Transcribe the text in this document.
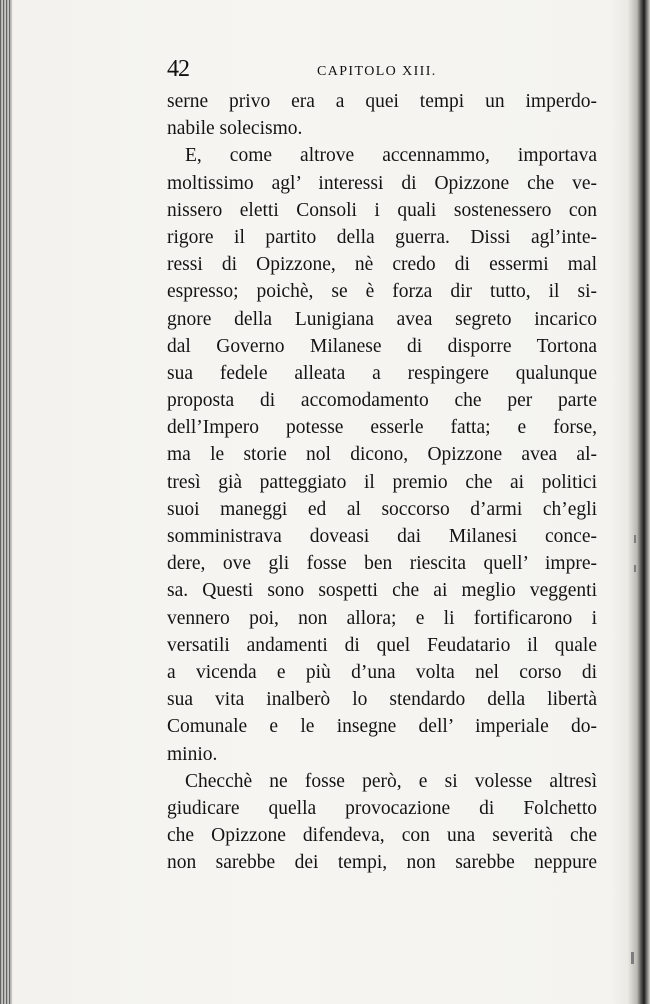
42	CAPITOLO XIII.
serne privo era a quei tempi un imperdo-
nabile solecismo.
E, come altrove accennammo, importava
moltissimo agl’ interessi di Opizzone che ve-
nissero eletti Consoli i quali sostenessero con
rigore il partito della guerra. Dissi agl’inte-
ressi di Opizzone, nè credo di essermi mal
espresso; poichè, se è forza dir tutto, il si-
gnore della Lunigiana avea segreto incarico
dal Governo Milanese di disporre Tortona
sua fedele alleata a respingere qualunque
proposta di accomodamento che per parte
dell’Impero potesse esserle fatta; e forse,
ma le storie nol dicono, Opizzone avea al-
tresì già patteggiato il premio che ai politici
suoi maneggi ed al soccorso d’armi ch’egli
somministrava doveasi dai Milanesi conce-
dere, ove gli fosse ben riescita quell’ impre-
sa. Questi sono sospetti che ai meglio veggenti
vennero poi, non allora; e li fortificarono i
versatili andamenti di quel Feudatario il quale
a vicenda e più d’una volta nel corso di
sua vita inalberò lo stendardo della libertà
Comunale e le insegne dell’ imperiale do-
minio.
Checchè ne fosse però, e si volesse altresì
giudicare quella provocazione di Folchetto
che Opizzone difendeva, con una severità che
non sarebbe dei tempi, non sarebbe neppure
